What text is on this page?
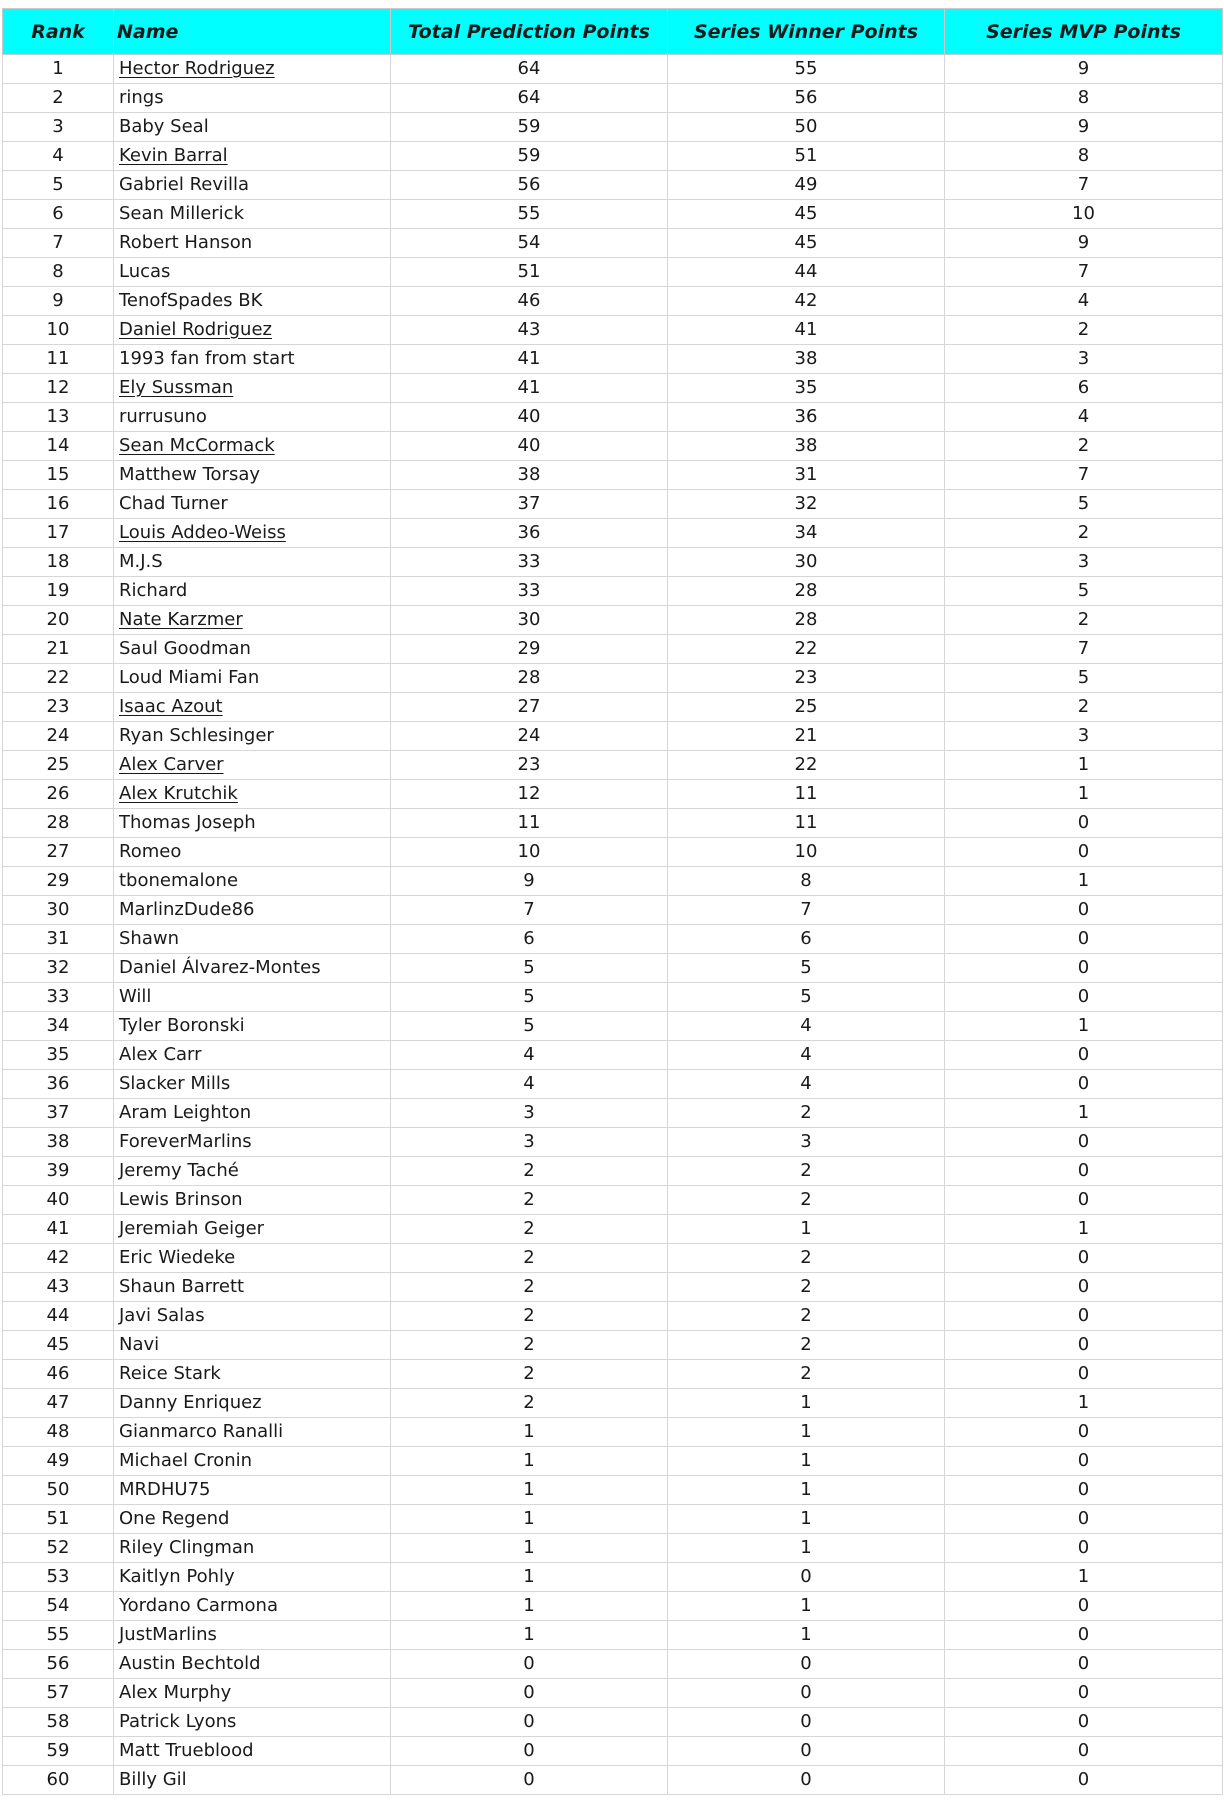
Rank	Name	Total Prediction Points	Series Winner Points	Series MVP Points
1	Hector Rodriguez	64	55	9
2	rings	64	56	8
3	Baby Seal	59	50	9
4	Kevin Barral	59	51	8
5	Gabriel Revilla	56	49	7
6	Sean Millerick	55	45	10
7	Robert Hanson	54	45	9
8	Lucas	51	44	7
9	TenofSpades BK	46	42	4
10	Daniel Rodriguez	43	41	2
11	1993 fan from start	41	38	3
12	Ely Sussman	41	35	6
13	rurrusuno	40	36	4
14	Sean McCormack	40	38	2
15	Matthew Torsay	38	31	7
16	Chad Turner	37	32	5
17	Louis Addeo-Weiss	36	34	2
18	M.J.S	33	30	3
19	Richard	33	28	5
20	Nate Karzmer	30	28	2
21	Saul Goodman	29	22	7
22	Loud Miami Fan	28	23	5
23	Isaac Azout	27	25	2
24	Ryan Schlesinger	24	21	3
25	Alex Carver	23	22	1
26	Alex Krutchik	12	11	1
28	Thomas Joseph	11	11	0
27	Romeo	10	10	0
29	tbonemalone	9	8	1
30	MarlinzDude86	7	7	0
31	Shawn	6	6	0
32	Daniel Álvarez-Montes	5	5	0
33	Will	5	5	0
34	Tyler Boronski	5	4	1
35	Alex Carr	4	4	0
36	Slacker Mills	4	4	0
37	Aram Leighton	3	2	1
38	ForeverMarlins	3	3	0
39	Jeremy Taché	2	2	0
40	Lewis Brinson	2	2	0
41	Jeremiah Geiger	2	1	1
42	Eric Wiedeke	2	2	0
43	Shaun Barrett	2	2	0
44	Javi Salas	2	2	0
45	Navi	2	2	0
46	Reice Stark	2	2	0
47	Danny Enriquez	2	1	1
48	Gianmarco Ranalli	1	1	0
49	Michael Cronin	1	1	0
50	MRDHU75	1	1	0
51	One Regend	1	1	0
52	Riley Clingman	1	1	0
53	Kaitlyn Pohly	1	0	1
54	Yordano Carmona	1	1	0
55	JustMarlins	1	1	0
56	Austin Bechtold	0	0	0
57	Alex Murphy	0	0	0
58	Patrick Lyons	0	0	0
59	Matt Trueblood	0	0	0
60	Billy Gil	0	0	0
